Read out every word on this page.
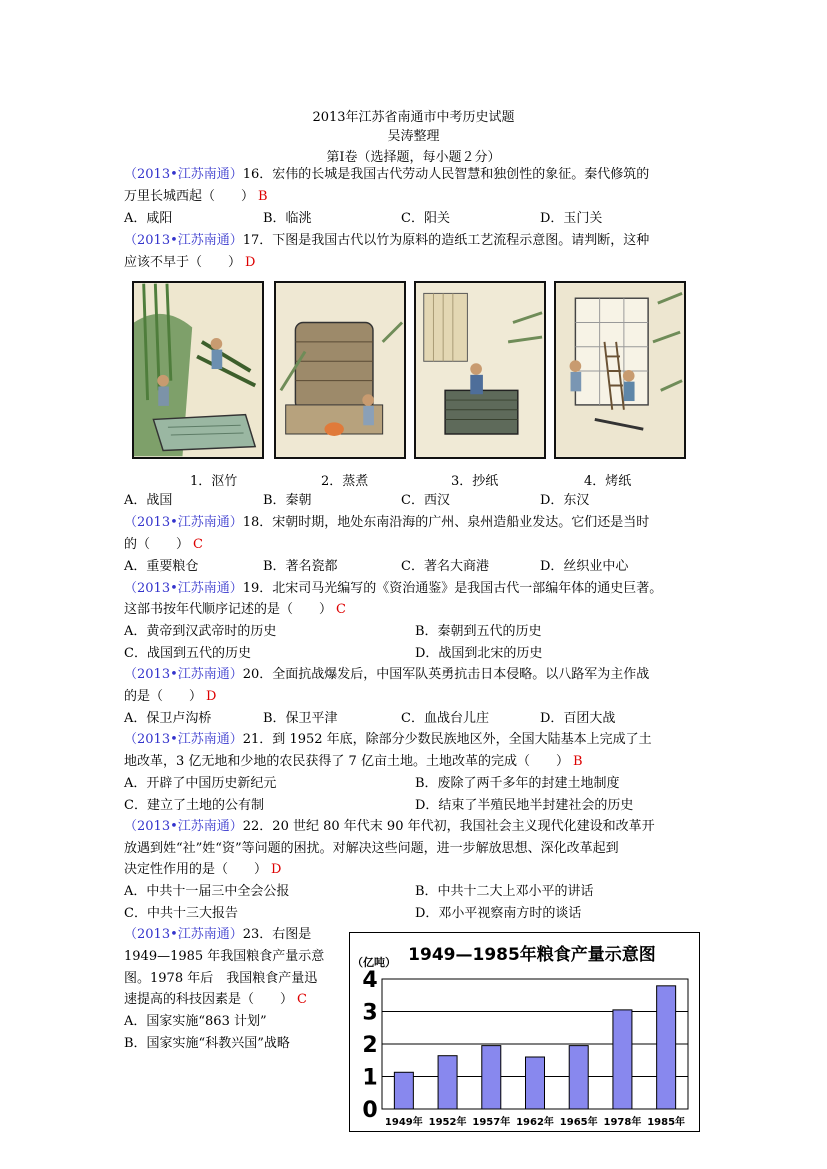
2013年江苏省南通市中考历史试题
吴涛整理
第Ⅰ卷（选择题，每小题２分）
（2013•江苏南通）16．宏伟的长城是我国古代劳动人民智慧和独创性的象征。秦代修筑的
万里长城西起（　　） B
A．咸阳	B．临洮	C．阳关	D．玉门关
（2013•江苏南通）17．下图是我国古代以竹为原料的造纸工艺流程示意图。请判断，这种
应该不早于（　　） D
1．沤竹	2．蒸煮	3．抄纸	4．烤纸
A．战国	B．秦朝	C．西汉	D．东汉
（2013•江苏南通）18．宋朝时期，地处东南沿海的广州、泉州造船业发达。它们还是当时
的（　　） C
A．重要粮仓	B．著名瓷都	C．著名大商港	D．丝织业中心
（2013•江苏南通）19．北宋司马光编写的《资治通鉴》是我国古代一部编年体的通史巨著。
这部书按年代顺序记述的是（　　） C
A．黄帝到汉武帝时的历史	B．秦朝到五代的历史
C．战国到五代的历史	D．战国到北宋的历史
（2013•江苏南通）20．全面抗战爆发后，中国军队英勇抗击日本侵略。以八路军为主作战
的是（　　） D
A．保卫卢沟桥	B．保卫平津	C．血战台儿庄	D．百团大战
（2013•江苏南通）21．到 1952 年底，除部分少数民族地区外，全国大陆基本上完成了土
地改革，3 亿无地和少地的农民获得了 7 亿亩土地。土地改革的完成（　　） B
A．开辟了中国历史新纪元	B．废除了两千多年的封建土地制度
C．建立了土地的公有制	D．结束了半殖民地半封建社会的历史
（2013•江苏南通）22．20 世纪 80 年代末 90 年代初，我国社会主义现代化建设和改革开
放遇到姓“社”姓“资”等问题的困扰。对解决这些问题，进一步解放思想、深化改革起到
决定性作用的是（　　） D
A．中共十一届三中全会公报	B．中共十二大上邓小平的讲话
C．中共十三大报告	D．邓小平视察南方时的谈话
（2013•江苏南通）23．右图是
1949—1985 年我国粮食产量示意
图。1978 年后　我国粮食产量迅
速提高的科技因素是（　　） C
A．国家实施“863 计划”
B．国家实施“科教兴国”战略
1949—1985年粮食产量示意图
（亿吨）
0
1
2
3
4
1949年 1952年 1957年 1962年 1965年 1978年 1985年
